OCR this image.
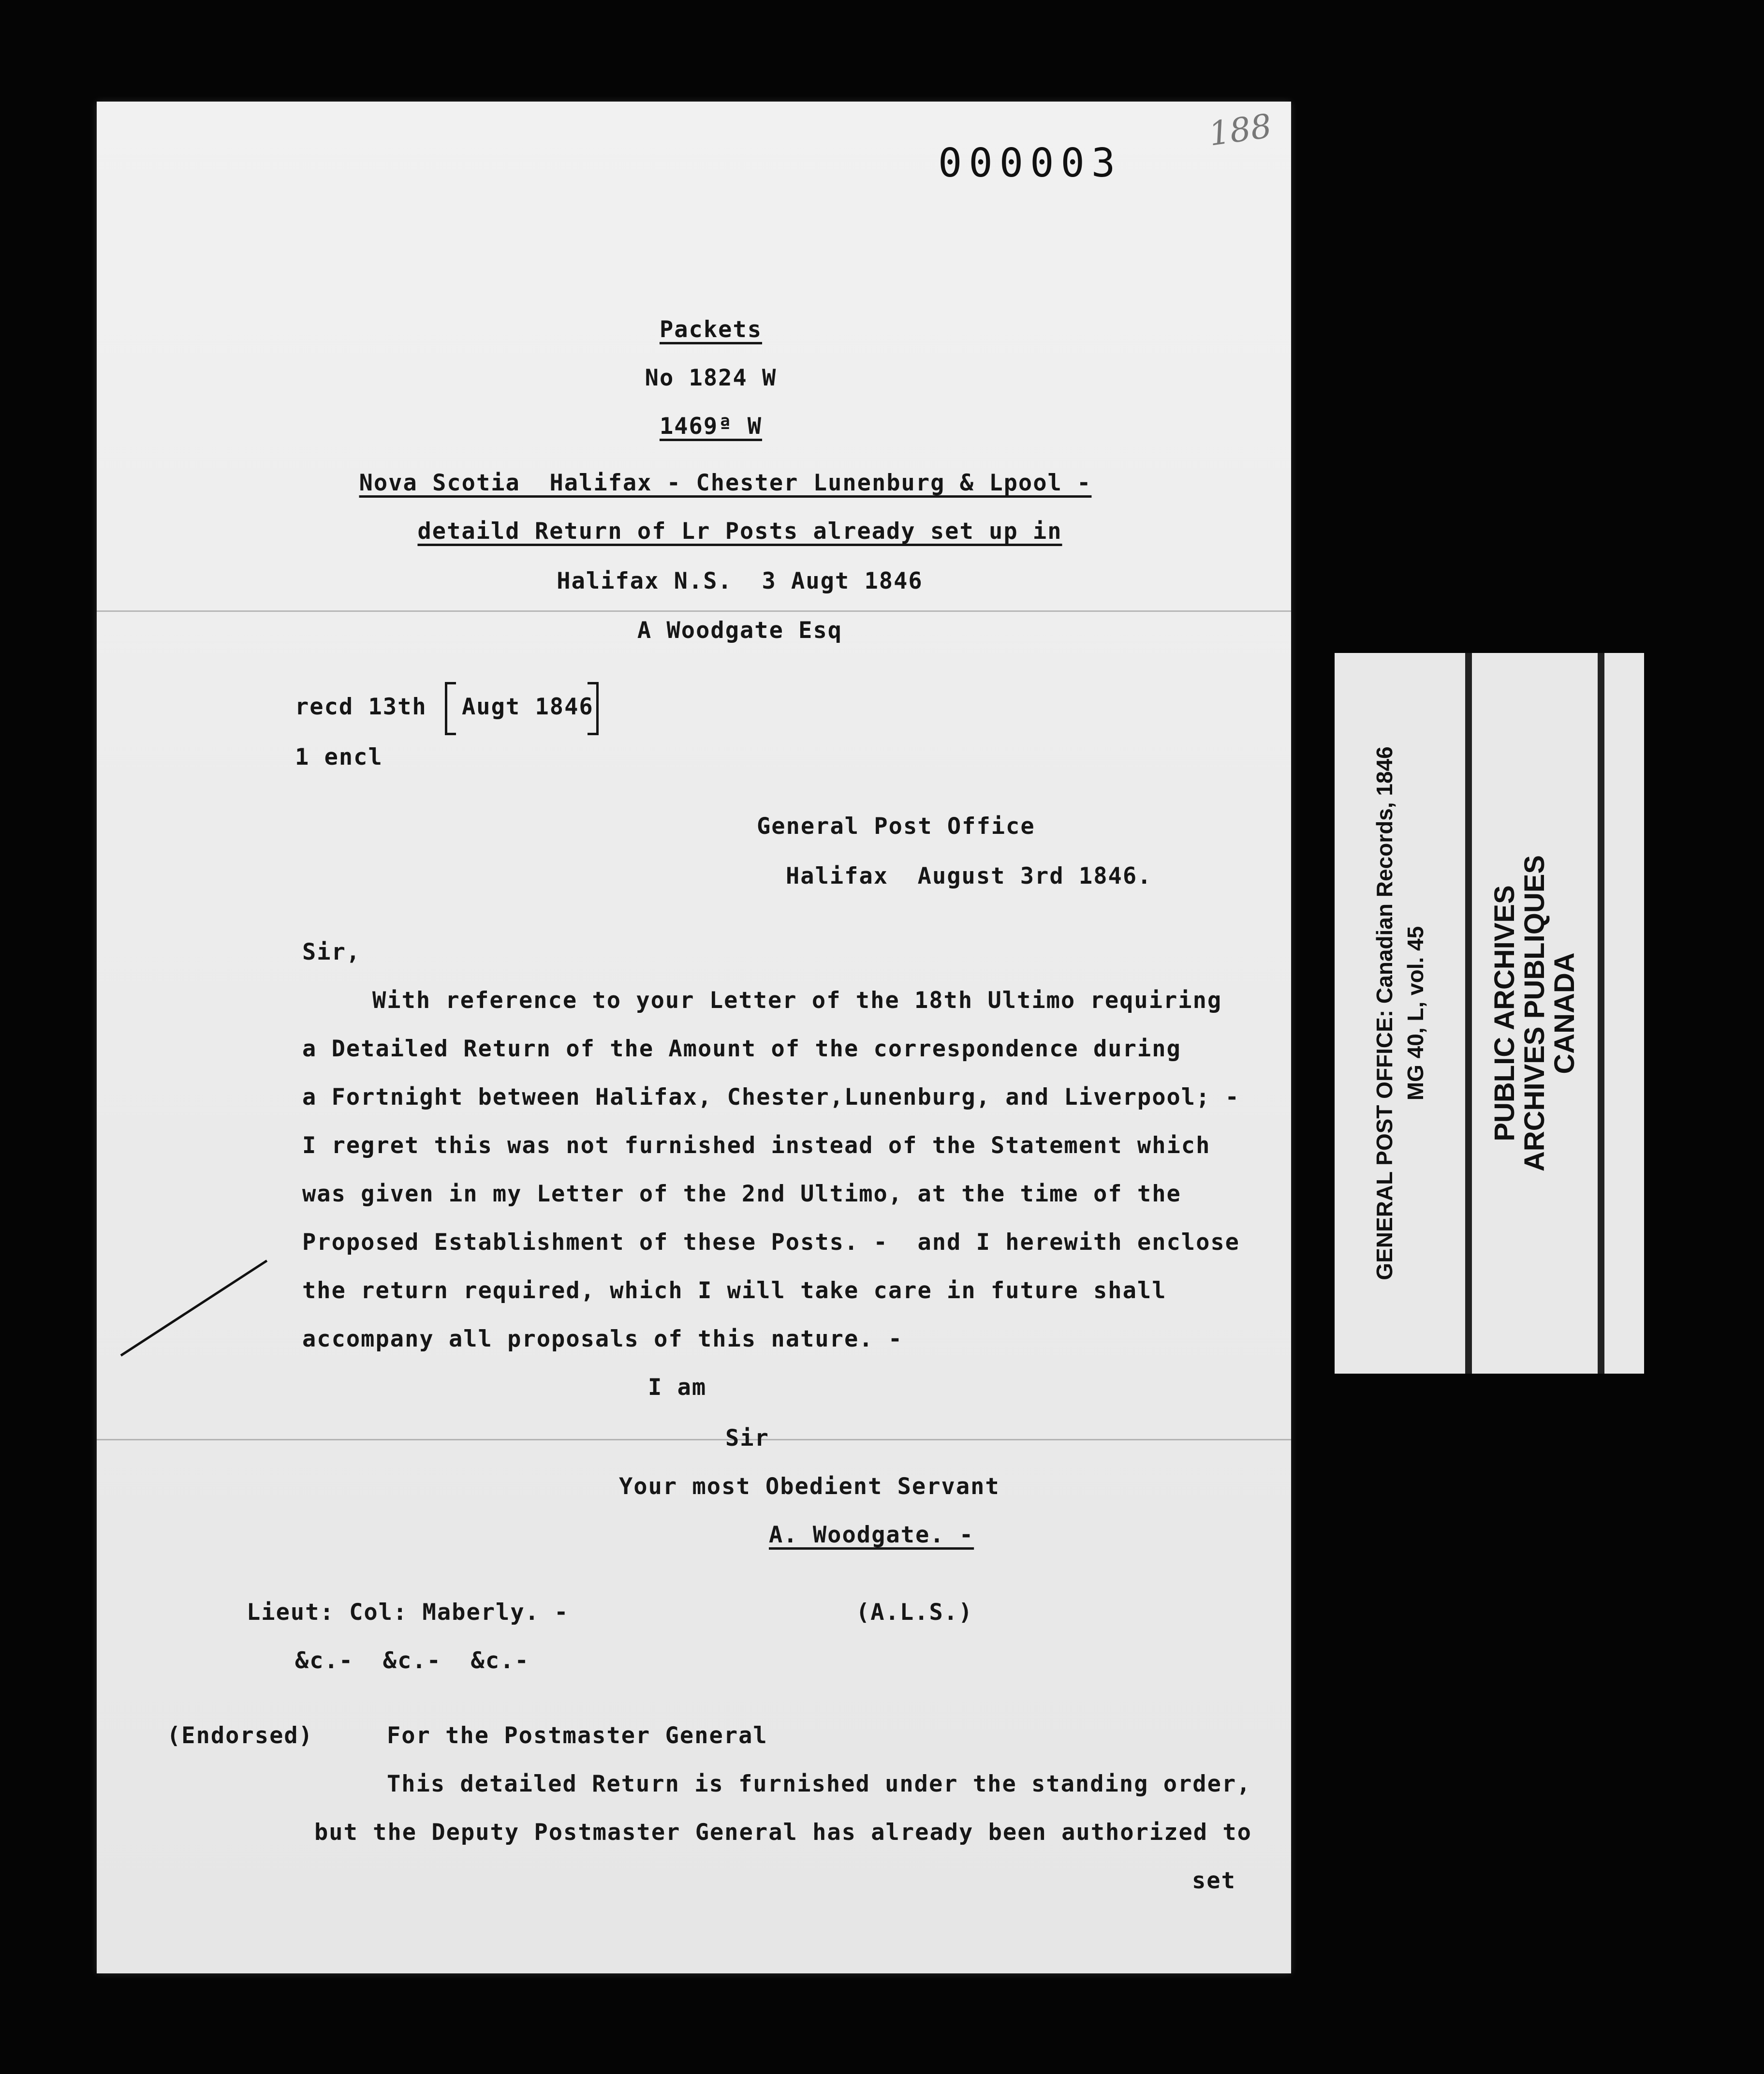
000003
188
Packets
No 1824 W
1469ª W
Nova Scotia  Halifax - Chester Lunenburg & Lpool -
detaild Return of Lr Posts already set up in
Halifax N.S.  3 Augt 1846
A Woodgate Esq
recd 13th Augt 1846
1 encl
General Post Office
Halifax  August 3rd 1846.
Sir,
With reference to your Letter of the 18th Ultimo requiring
a Detailed Return of the Amount of the correspondence during
a Fortnight between Halifax, Chester,Lunenburg, and Liverpool; -
I regret this was not furnished instead of the Statement which
was given in my Letter of the 2nd Ultimo, at the time of the
Proposed Establishment of these Posts. -  and I herewith enclose
the return required, which I will take care in future shall
accompany all proposals of this nature. -
I am
Sir
Your most Obedient Servant
A. Woodgate. -
Lieut: Col: Maberly. -	(A.L.S.)
&c.-  &c.-  &c.-
(Endorsed)	For the Postmaster General
This detailed Return is furnished under the standing order,
but the Deputy Postmaster General has already been authorized to
set
GENERAL POST OFFICE: Canadian Records, 1846 MG 40, L, vol. 45 PUBLIC ARCHIVES
ARCHIVES PUBLIQUES
CANADA
